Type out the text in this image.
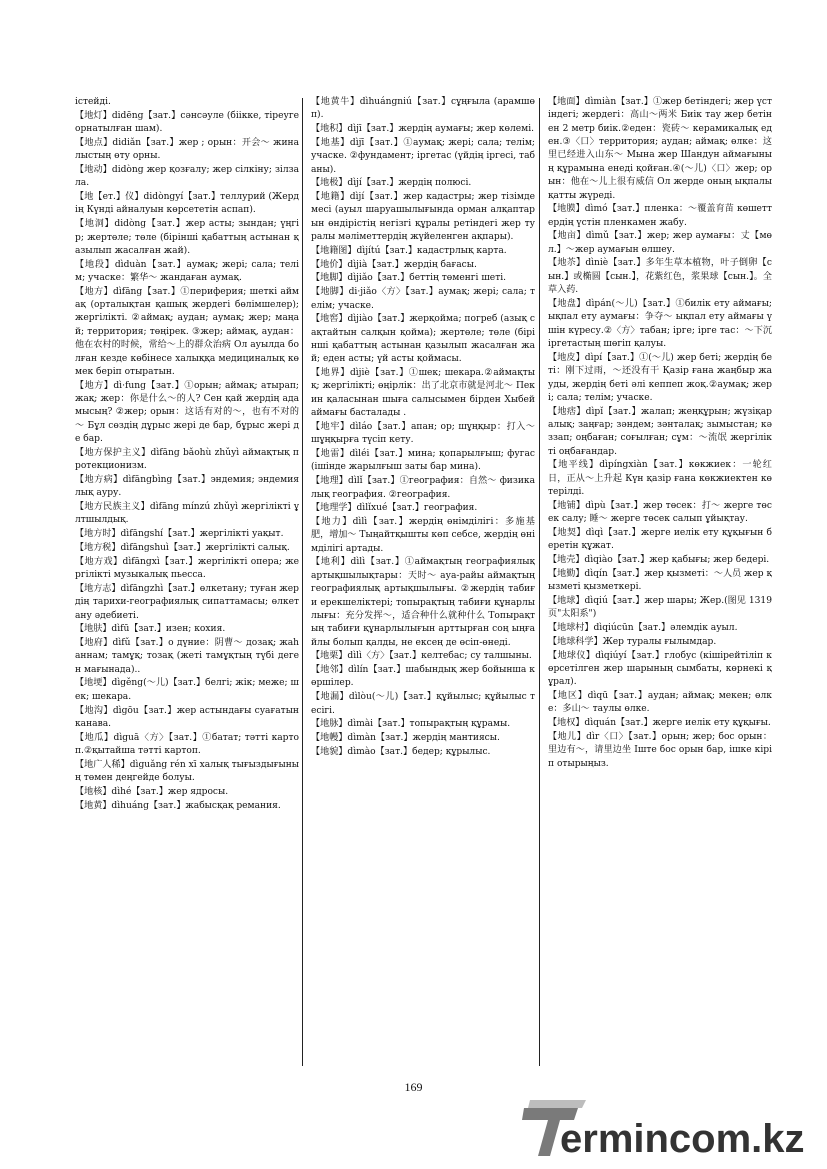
істейді.

【地灯】didēng【зат.】сәнсәуле (біікке, тіреуге орнатылған шам).

【地点】didiǎn【зат.】жер ; орын：开会～ жиналыстың өту орны.

【地动】didòng жер қозғалу; жер сілкіну; зілзала.

【地【ет.】仪】didòngyí【зат.】теллурий (Жердің Күнді айналуын көрсететін аспап).

【地洞】didòng【зат.】жер асты; зындан; үңгір; жертөле; төле (бірінші қабаттың астынан қазылып жасалған жай).

【地段】dìduàn【зат.】аумақ; жері; сала; телім; учаске：繁华～ жандаған аумақ.

【地方】dìfāng【зат.】①периферия; шеткі аймақ (орталықтан қашық жердегі бөлімшелер); жергілікті. ②аймақ; аудан; аумақ; жер; маңай; территория; төңірек. ③жер; аймақ, аудан：他在农村的时候，常给～上的群众治病 Ол ауылда болған кезде көбінесе халыққа медициналық көмек беріп отыратын.

【地方】dì·fung【зат.】①орын; аймақ; атырап; жақ; жер：你是什么～的人? Сен қай жердің адамысың? ②жер; орын：这话有对的～，也有不对的～ Бұл сөздің дұрыс жері де бар, бұрыс жері де бар.

【地方保护主义】dìfāng bǎohù zhǔyì аймақтық протекционизм.

【地方病】dìfāngbìng【зат.】эндемия; эндемиялық ауру.

【地方民族主义】dìfāng mínzú zhǔyì жергілікті ұлтшылдық.

【地方时】dìfāngshí【зат.】жергілікті уақыт.

【地方税】dìfāngshuì【зат.】жергілікті салық.

【地方戏】dìfāngxì【зат.】жергілікті опера; жергілікті музыкалық пьесса.

【地方志】dìfāngzhì【зат.】өлкетану; туған жердің тарихи-географиялық сипаттамасы; өлкетану әдебиеті.

【地肤】dìfū【зат.】изен; кохия.

【地府】dìfǔ【зат.】о дүние：阴曹～ дозақ; жаһаннам; тамұқ; тозақ (жеті тамұқтың түбі деген мағынада)..

【地埂】dìgěng(～儿)【зат.】белгі; жік; меже; шек; шекара.

【地沟】dìgōu【зат.】жер астындағы суағатын канава.

【地瓜】dìguā〈方〉【зат.】①батат; тәтті картоп.②қытайша тәтті картоп.

【地广人稀】dìguǎng rén xī халық тығыздығының төмен деңгейде болуы.

【地核】dìhé【зат.】жер ядросы.

【地黄】dìhuáng【зат.】жабысқақ ремания.

【地黄牛】dìhuángniú【зат.】сұңғыла (арамшөп).

【地积】dìjī【зат.】жердің аумағы; жер көлемі.

【地基】dìjī【зат.】①аумақ; жері; сала; телім; учаске. ②фундамент; іргетас (үйдің іргесі, табаны).

【地极】dìjí【зат.】жердің полюсі.

【地籍】dìjí【зат.】жер кадастры; жер тізімдемесі (ауыл шаруашылығында орман алқаптарын өндірістің негізгі құралы ретіндегі жер туралы мәліметтердің жүйеленген ақпары).

【地籍图】dìjítú【зат.】кадастрлық карта.

【地价】dìjià【зат.】жердің бағасы.

【地脚】dìjiǎo【зат.】беттің төменгі шеті.

【地脚】di·jiǎo〈方〉【зат.】аумақ; жері; сала; телім; учаске.

【地窖】dìjiào【зат.】жерқойма; погреб (азық сақтайтын салқын қойма); жертөле; төле (бірінші қабаттың астынан қазылып жасалған жай; еден асты; үй асты қоймасы.

【地界】dìjiè【зат.】①шек; шекара.②аймақтық; жергілікті; өңірлік：出了北京市就是河北～ Пекин қаласынан шыға салысымен бірден Хыбей аймағы басталады .

【地牢】dìláo【зат.】апан; ор; шұңқыр：打入～ шұңқырға түсіп кету.

【地雷】dìléi【зат.】мина; қопарылғыш; фугас (ішінде жарылғыш заты бар мина).

【地理】dìlǐ【зат.】①география：自然～ физикалық география. ②география.

【地理学】dìlǐxué【зат.】география.

【地力】dìlì【зат.】жердің өнімділігі：多施基肥，增加～ Тыңайтқышты көп себсе, жердің өнімділігі артады.

【地利】dìlì【зат.】①аймақтың географиялық артықшылықтары：天时～ ауа-райы аймақтың географиялық артықшылығы. ②жердің табиғи ерекшеліктері; топырақтың табиғи құнарлылығы：充分发挥～，适合种什么就种什么 Топырақтың табиғи құнарлылығын арттырған соң ыңғайлы болып қалды, не ексең де өсіп-өнеді.

【地栗】dìlì〈方〉【зат.】келтебас; су талшыны.

【地邻】dìlín【зат.】шабындық жер бойынша көршілер.

【地漏】dìlòu(～儿)【зат.】құйылыс; құйылыс тесігі.

【地脉】dìmài【зат.】топырақтың құрамы.

【地幔】dìmàn【зат.】жердің мантиясы.

【地貌】dìmào【зат.】бедер; құрылыс.

【地面】dìmiàn【зат.】①жер бетіндегі; жер үстіндегі; жердегі：高山～两米 Биік тау жер бетінен 2 метр биік.②еден：瓷砖～ керамикалық еден.③〈口〉территория; аудан; аймақ; өлке：这里已经进入山东～ Мына жер Шандун аймағының құрамына енеді қойған.④(～儿)〈口〉жер; орын：他在～儿上很有威信 Ол жерде оның ықпалы қатты жүреді.

【地膜】dìmó【зат.】пленка：～覆盖育苗 көшеттердің үстін пленкамен жабу.

【地亩】dìmǔ【зат.】жер; жер аумағы：丈【мөл.】～жер аумағын өлшеу.

【地苶】dìniè【зат.】多年生草本植物，叶子倒卵【сын.】或椭圆【сын.】，花紫红色，浆果球【сын.】。全草入药.

【地盘】dìpán(～儿)【зат.】①билік ету аймағы; ықпал ету аумағы：争夺～ ықпал ету аймағы үшін күресу.②〈方〉табан; іргe; іргe тас：～下沉 іргетастың шөгіп қалуы.

【地皮】dìpí【зат.】①(～儿) жер беті; жердің беті：刚下过雨，～还没有干 Қазір ғана жаңбыр жауды, жердің беті әлі кеппеп жоқ.②аумақ; жері; сала; телім; учаске.

【地痞】dìpǐ【зат.】жалап; жеңқұрын; жүзіқаралық; заңғар; зәндем; зәнталақ; зымыстан; кәззап; оңбаған; соғылған; сұм：～流氓 жергілікті оңбағандар.

【地平线】dìpíngxiàn【зат.】көкжиек：一轮红日，正从～上升起 Күн қазір ғана көкжиектен көтерілді.

【地铺】dìpù【зат.】жер төсек：打～ жерге төсек салу; 睡～ жерге төсек салып ұйықтау.

【地契】dìqì【зат.】жерге иелік ету құқығын беретін құжат.

【地壳】dìqiào【зат.】жер қабығы; жер бедері.

【地勤】dìqín【зат.】жер қызметі：～人员 жер қызметі қызметкері.

【地球】dìqiú【зат.】жер шары; Жер.(图见 1319 页"太阳系")

【地球村】dìqiúcūn【зат.】әлемдік ауыл.

【地球科学】Жер туралы ғылымдар.

【地球仪】dìqiúyí【зат.】глобус (кішірейтіліп көрсетілген жер шарының сымбаты, көрнекі құрал).

【地区】dìqū【зат.】аудан; аймақ; мекен; өлке：多山～ таулы өлке.

【地权】dìquán【зат.】жерге иелік ету құқығы.

【地儿】dìr〈口〉【зат.】орын; жер; бос орын：里边有～，请里边坐 Іште бос орын бар, ішке кіріп отырыңыз.

169
ermincom.kz
